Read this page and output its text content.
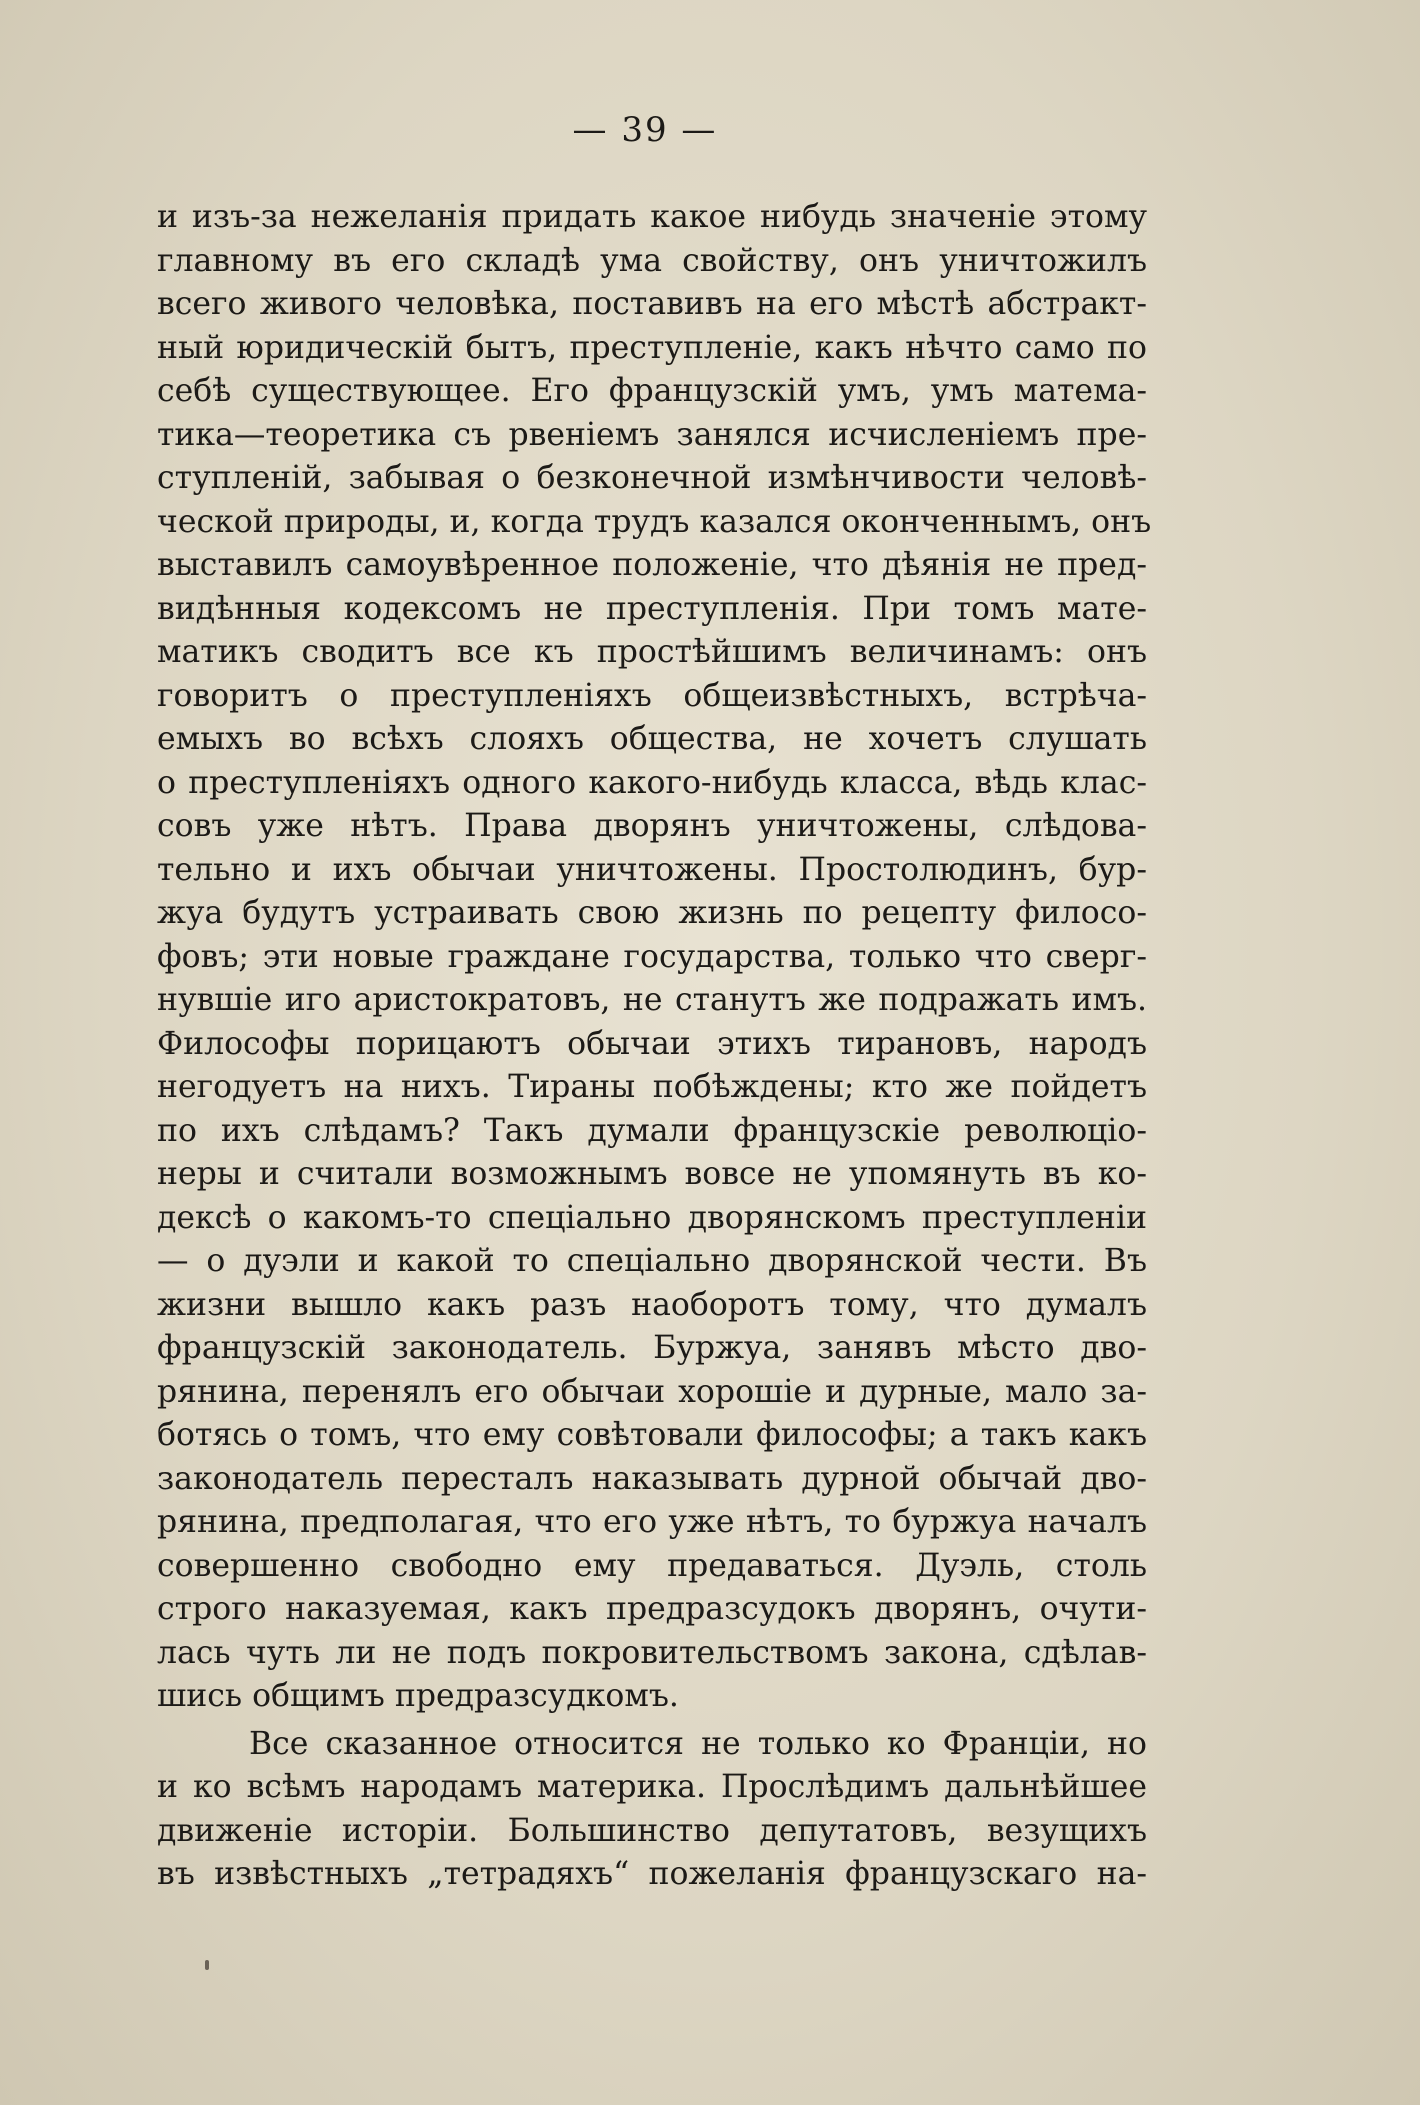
— 39 —
и изъ-за нежеланія придать какое нибудь значеніе этому
главному въ его складѣ ума свойству, онъ уничтожилъ
всего живого человѣка, поставивъ на его мѣстѣ абстракт-
ный юридическій бытъ, преступленіе, какъ нѣчто само по
себѣ существующее. Его французскій умъ, умъ матема-
тика—теоретика съ рвеніемъ занялся исчисленіемъ пре-
ступленій, забывая о безконечной измѣнчивости человѣ-
ческой природы, и, когда трудъ казался оконченнымъ, онъ
выставилъ самоувѣренное положеніе, что дѣянія не пред-
видѣнныя кодексомъ не преступленія. При томъ мате-
матикъ сводитъ все къ простѣйшимъ величинамъ: онъ
говоритъ о преступленіяхъ общеизвѣстныхъ, встрѣча-
емыхъ во всѣхъ слояхъ общества, не хочетъ слушать
о преступленіяхъ одного какого-нибудь класса, вѣдь клас-
совъ уже нѣтъ. Права дворянъ уничтожены, слѣдова-
тельно и ихъ обычаи уничтожены. Простолюдинъ, бур-
жуа будутъ устраивать свою жизнь по рецепту филосо-
фовъ; эти новые граждане государства, только что сверг-
нувшіе иго аристократовъ, не станутъ же подражать имъ.
Философы порицаютъ обычаи этихъ тирановъ, народъ
негодуетъ на нихъ. Тираны побѣждены; кто же пойдетъ
по ихъ слѣдамъ? Такъ думали французскіе революціо-
неры и считали возможнымъ вовсе не упомянуть въ ко-
дексѣ о какомъ-то спеціально дворянскомъ преступленіи
— о дуэли и какой то спеціально дворянской чести. Въ
жизни вышло какъ разъ наоборотъ тому, что думалъ
французскій законодатель. Буржуа, занявъ мѣсто дво-
рянина, перенялъ его обычаи хорошіе и дурные, мало за-
ботясь о томъ, что ему совѣтовали философы; а такъ какъ
законодатель пересталъ наказывать дурной обычай дво-
рянина, предполагая, что его уже нѣтъ, то буржуа началъ
совершенно свободно ему предаваться. Дуэль, столь
строго наказуемая, какъ предразсудокъ дворянъ, очути-
лась чуть ли не подъ покровительствомъ закона, сдѣлав-
шись общимъ предразсудкомъ.
Все сказанное относится не только ко Франціи, но
и ко всѣмъ народамъ материка. Прослѣдимъ дальнѣйшее
движеніе исторіи. Большинство депутатовъ, везущихъ
въ извѣстныхъ „тетрадяхъ“ пожеланія французскаго на-
